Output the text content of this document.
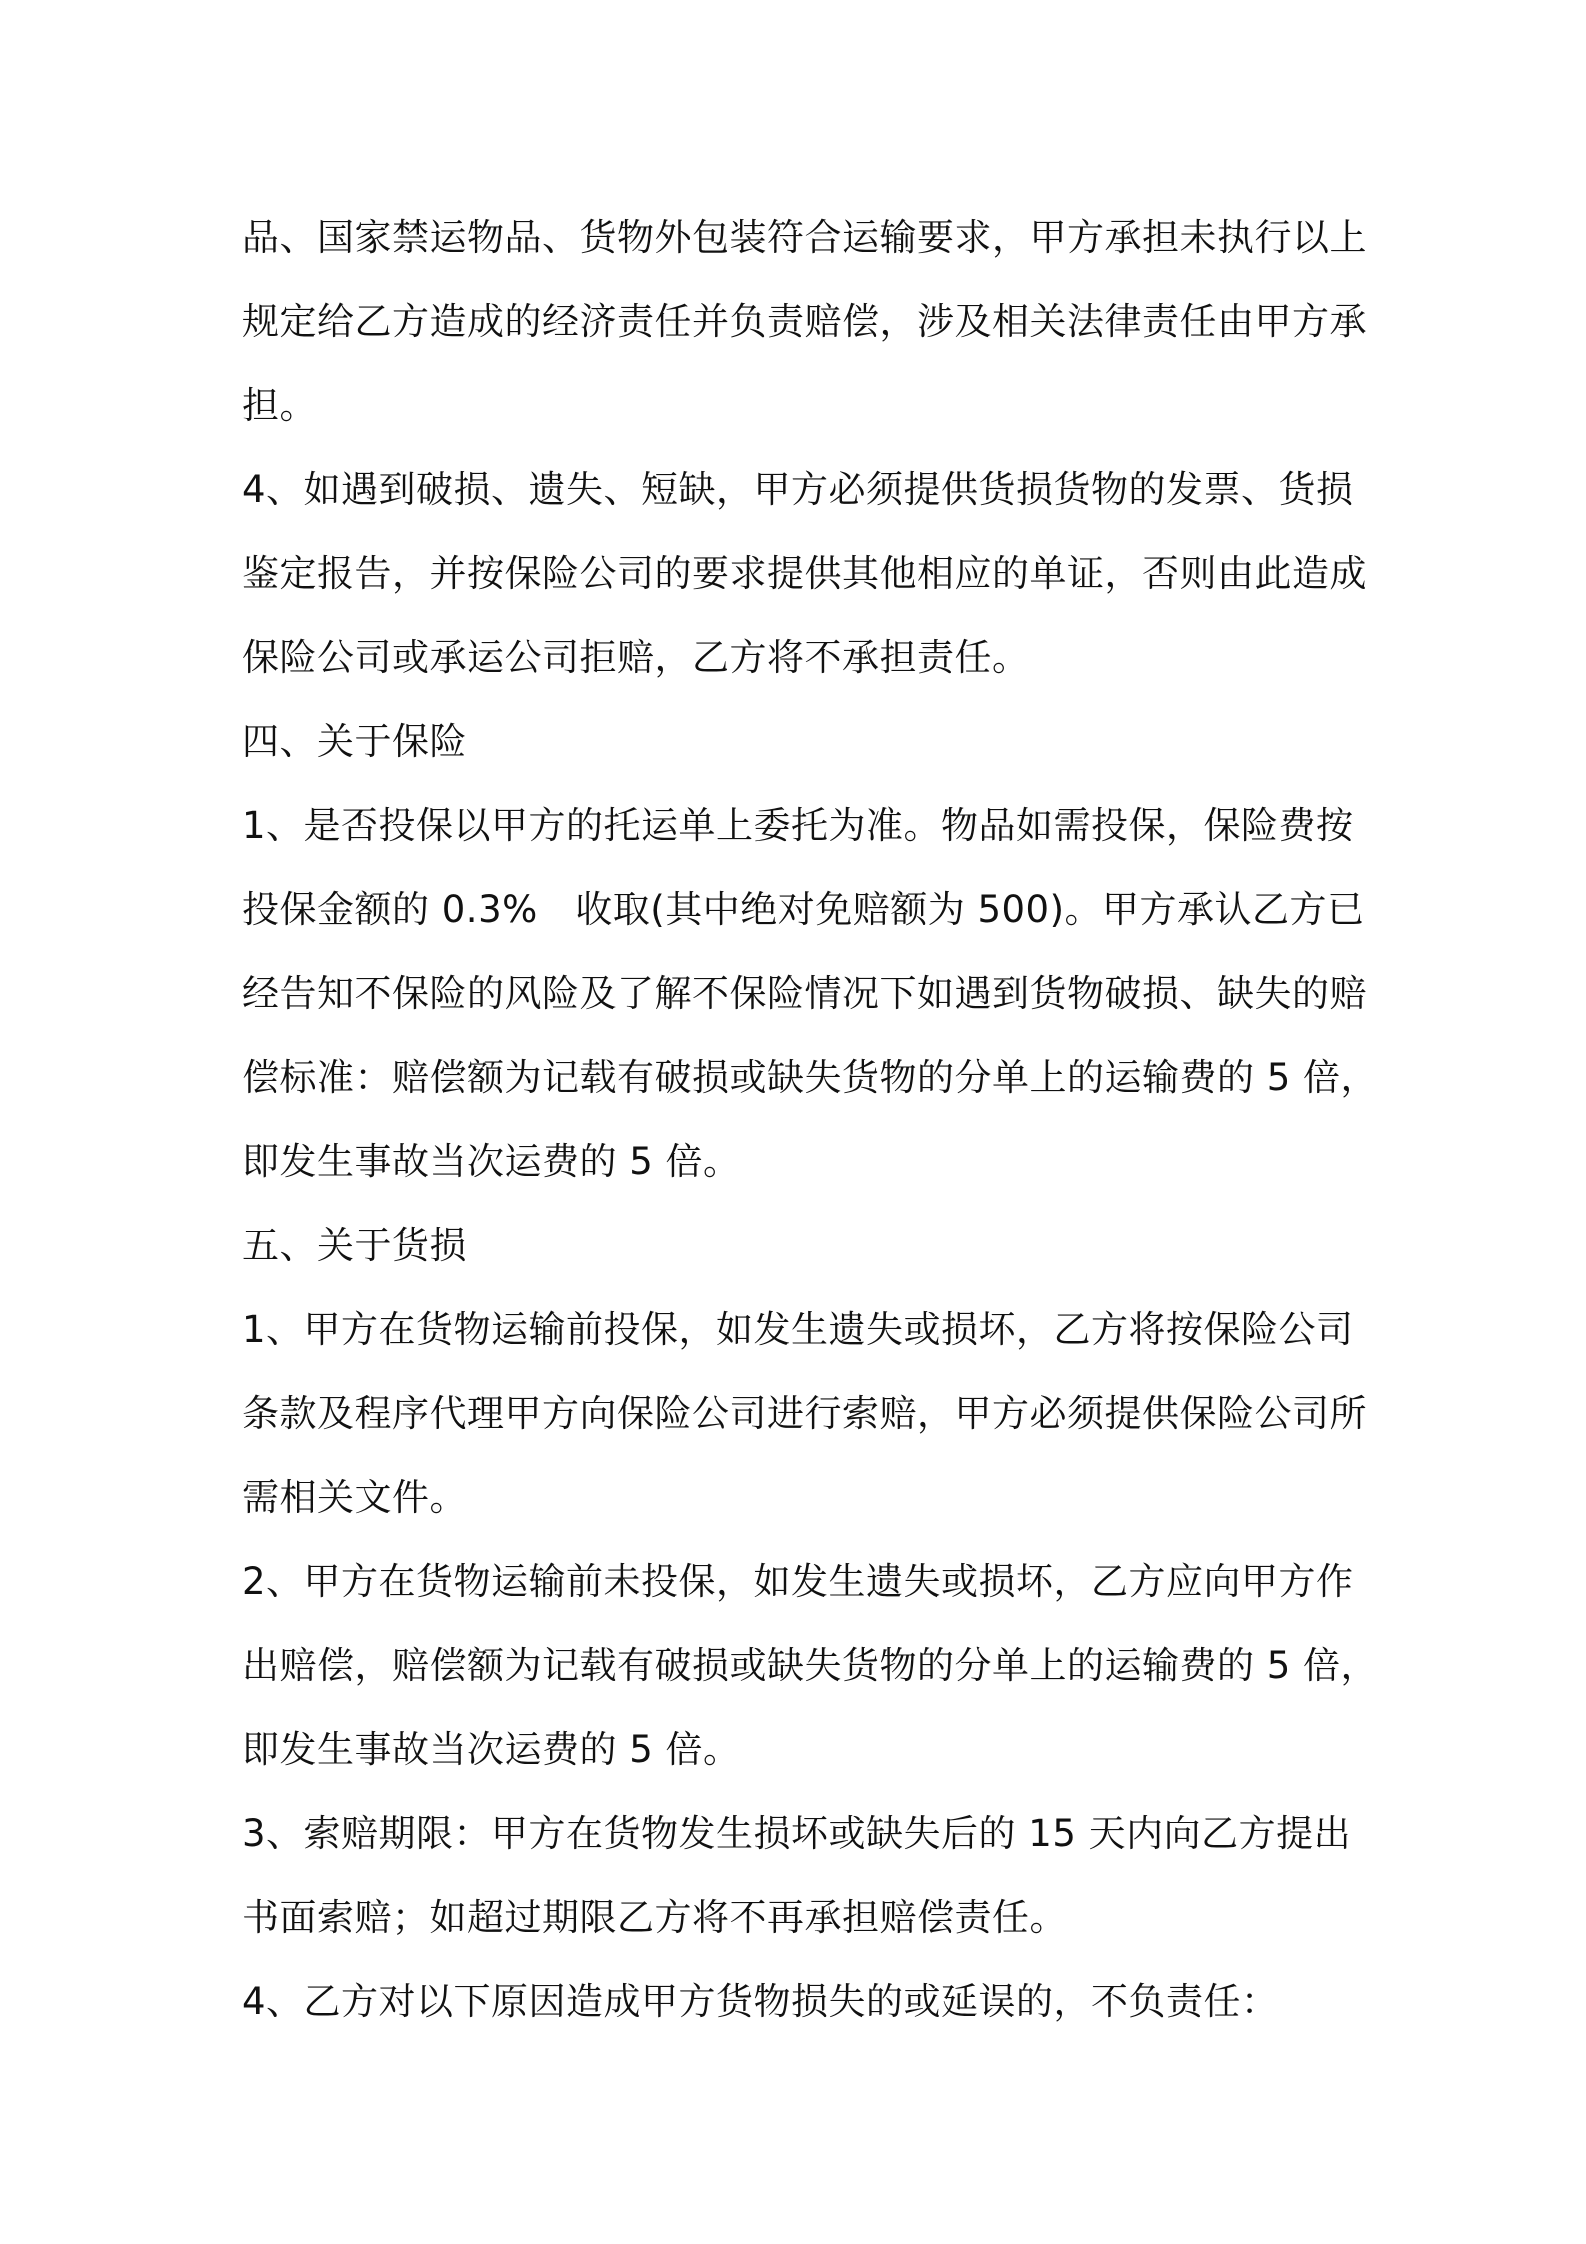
品、国家禁运物品、货物外包装符合运输要求，甲方承担未执行以上
规定给乙方造成的经济责任并负责赔偿，涉及相关法律责任由甲方承
担。
4、如遇到破损、遗失、短缺，甲方必须提供货损货物的发票、货损
鉴定报告，并按保险公司的要求提供其他相应的单证，否则由此造成
保险公司或承运公司拒赔，乙方将不承担责任。
四、关于保险
1、是否投保以甲方的托运单上委托为准。物品如需投保，保险费按
投保金额的 0.3%　收取(其中绝对免赔额为 500)。甲方承认乙方已
经告知不保险的风险及了解不保险情况下如遇到货物破损、缺失的赔
偿标准：赔偿额为记载有破损或缺失货物的分单上的运输费的 5 倍，
即发生事故当次运费的 5 倍。
五、关于货损
1、甲方在货物运输前投保，如发生遗失或损坏，乙方将按保险公司
条款及程序代理甲方向保险公司进行索赔，甲方必须提供保险公司所
需相关文件。
2、甲方在货物运输前未投保，如发生遗失或损坏，乙方应向甲方作
出赔偿，赔偿额为记载有破损或缺失货物的分单上的运输费的 5 倍，
即发生事故当次运费的 5 倍。
3、索赔期限：甲方在货物发生损坏或缺失后的 15 天内向乙方提出
书面索赔；如超过期限乙方将不再承担赔偿责任。
4、乙方对以下原因造成甲方货物损失的或延误的，不负责任：
